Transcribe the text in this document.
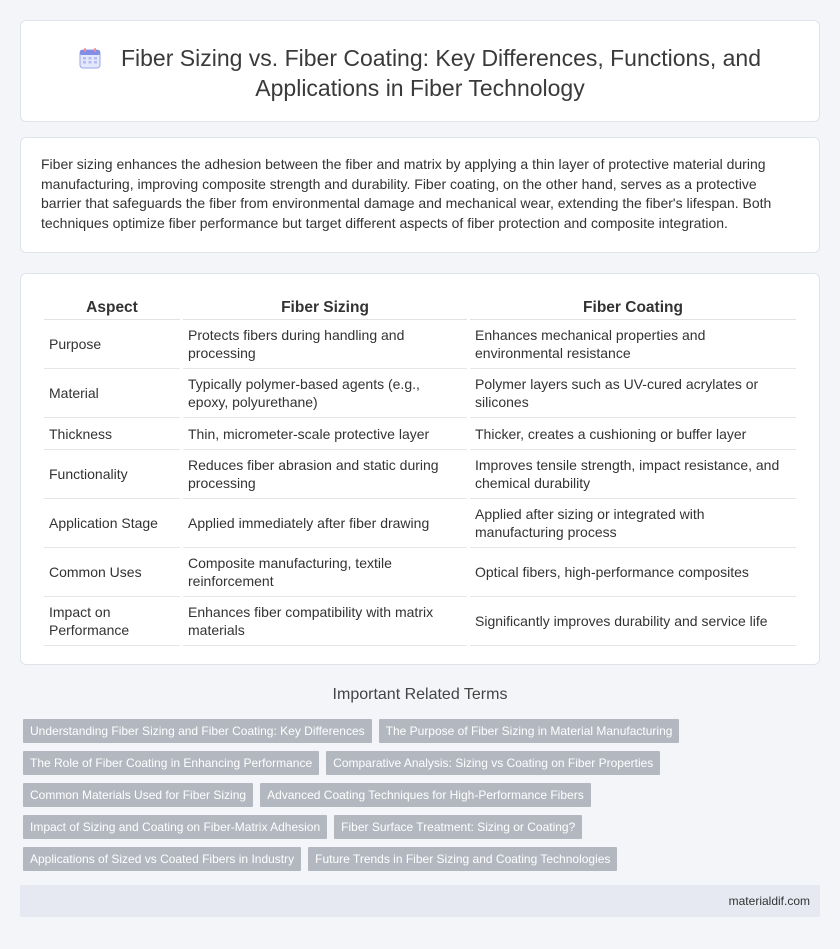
Fiber Sizing vs. Fiber Coating: Key Differences, Functions, and Applications in Fiber Technology

Fiber sizing enhances the adhesion between the fiber and matrix by applying a thin layer of protective material during manufacturing, improving composite strength and durability. Fiber coating, on the other hand, serves as a protective barrier that safeguards the fiber from environmental damage and mechanical wear, extending the fiber's lifespan. Both techniques optimize fiber performance but target different aspects of fiber protection and composite integration.

Aspect	Fiber Sizing	Fiber Coating
Purpose	Protects fibers during handling and processing	Enhances mechanical properties and environmental resistance
Material	Typically polymer-based agents (e.g., epoxy, polyurethane)	Polymer layers such as UV-cured acrylates or silicones
Thickness	Thin, micrometer-scale protective layer	Thicker, creates a cushioning or buffer layer
Functionality	Reduces fiber abrasion and static during processing	Improves tensile strength, impact resistance, and chemical durability
Application Stage	Applied immediately after fiber drawing	Applied after sizing or integrated with manufacturing process
Common Uses	Composite manufacturing, textile reinforcement	Optical fibers, high-performance composites
Impact on Performance	Enhances fiber compatibility with matrix materials	Significantly improves durability and service life
Important Related Terms
Understanding Fiber Sizing and Fiber Coating: Key Differences The Purpose of Fiber Sizing in Material Manufacturing
The Role of Fiber Coating in Enhancing Performance Comparative Analysis: Sizing vs Coating on Fiber Properties
Common Materials Used for Fiber Sizing Advanced Coating Techniques for High-Performance Fibers
Impact of Sizing and Coating on Fiber-Matrix Adhesion Fiber Surface Treatment: Sizing or Coating?
Applications of Sized vs Coated Fibers in Industry Future Trends in Fiber Sizing and Coating Technologies
materialdif.com
